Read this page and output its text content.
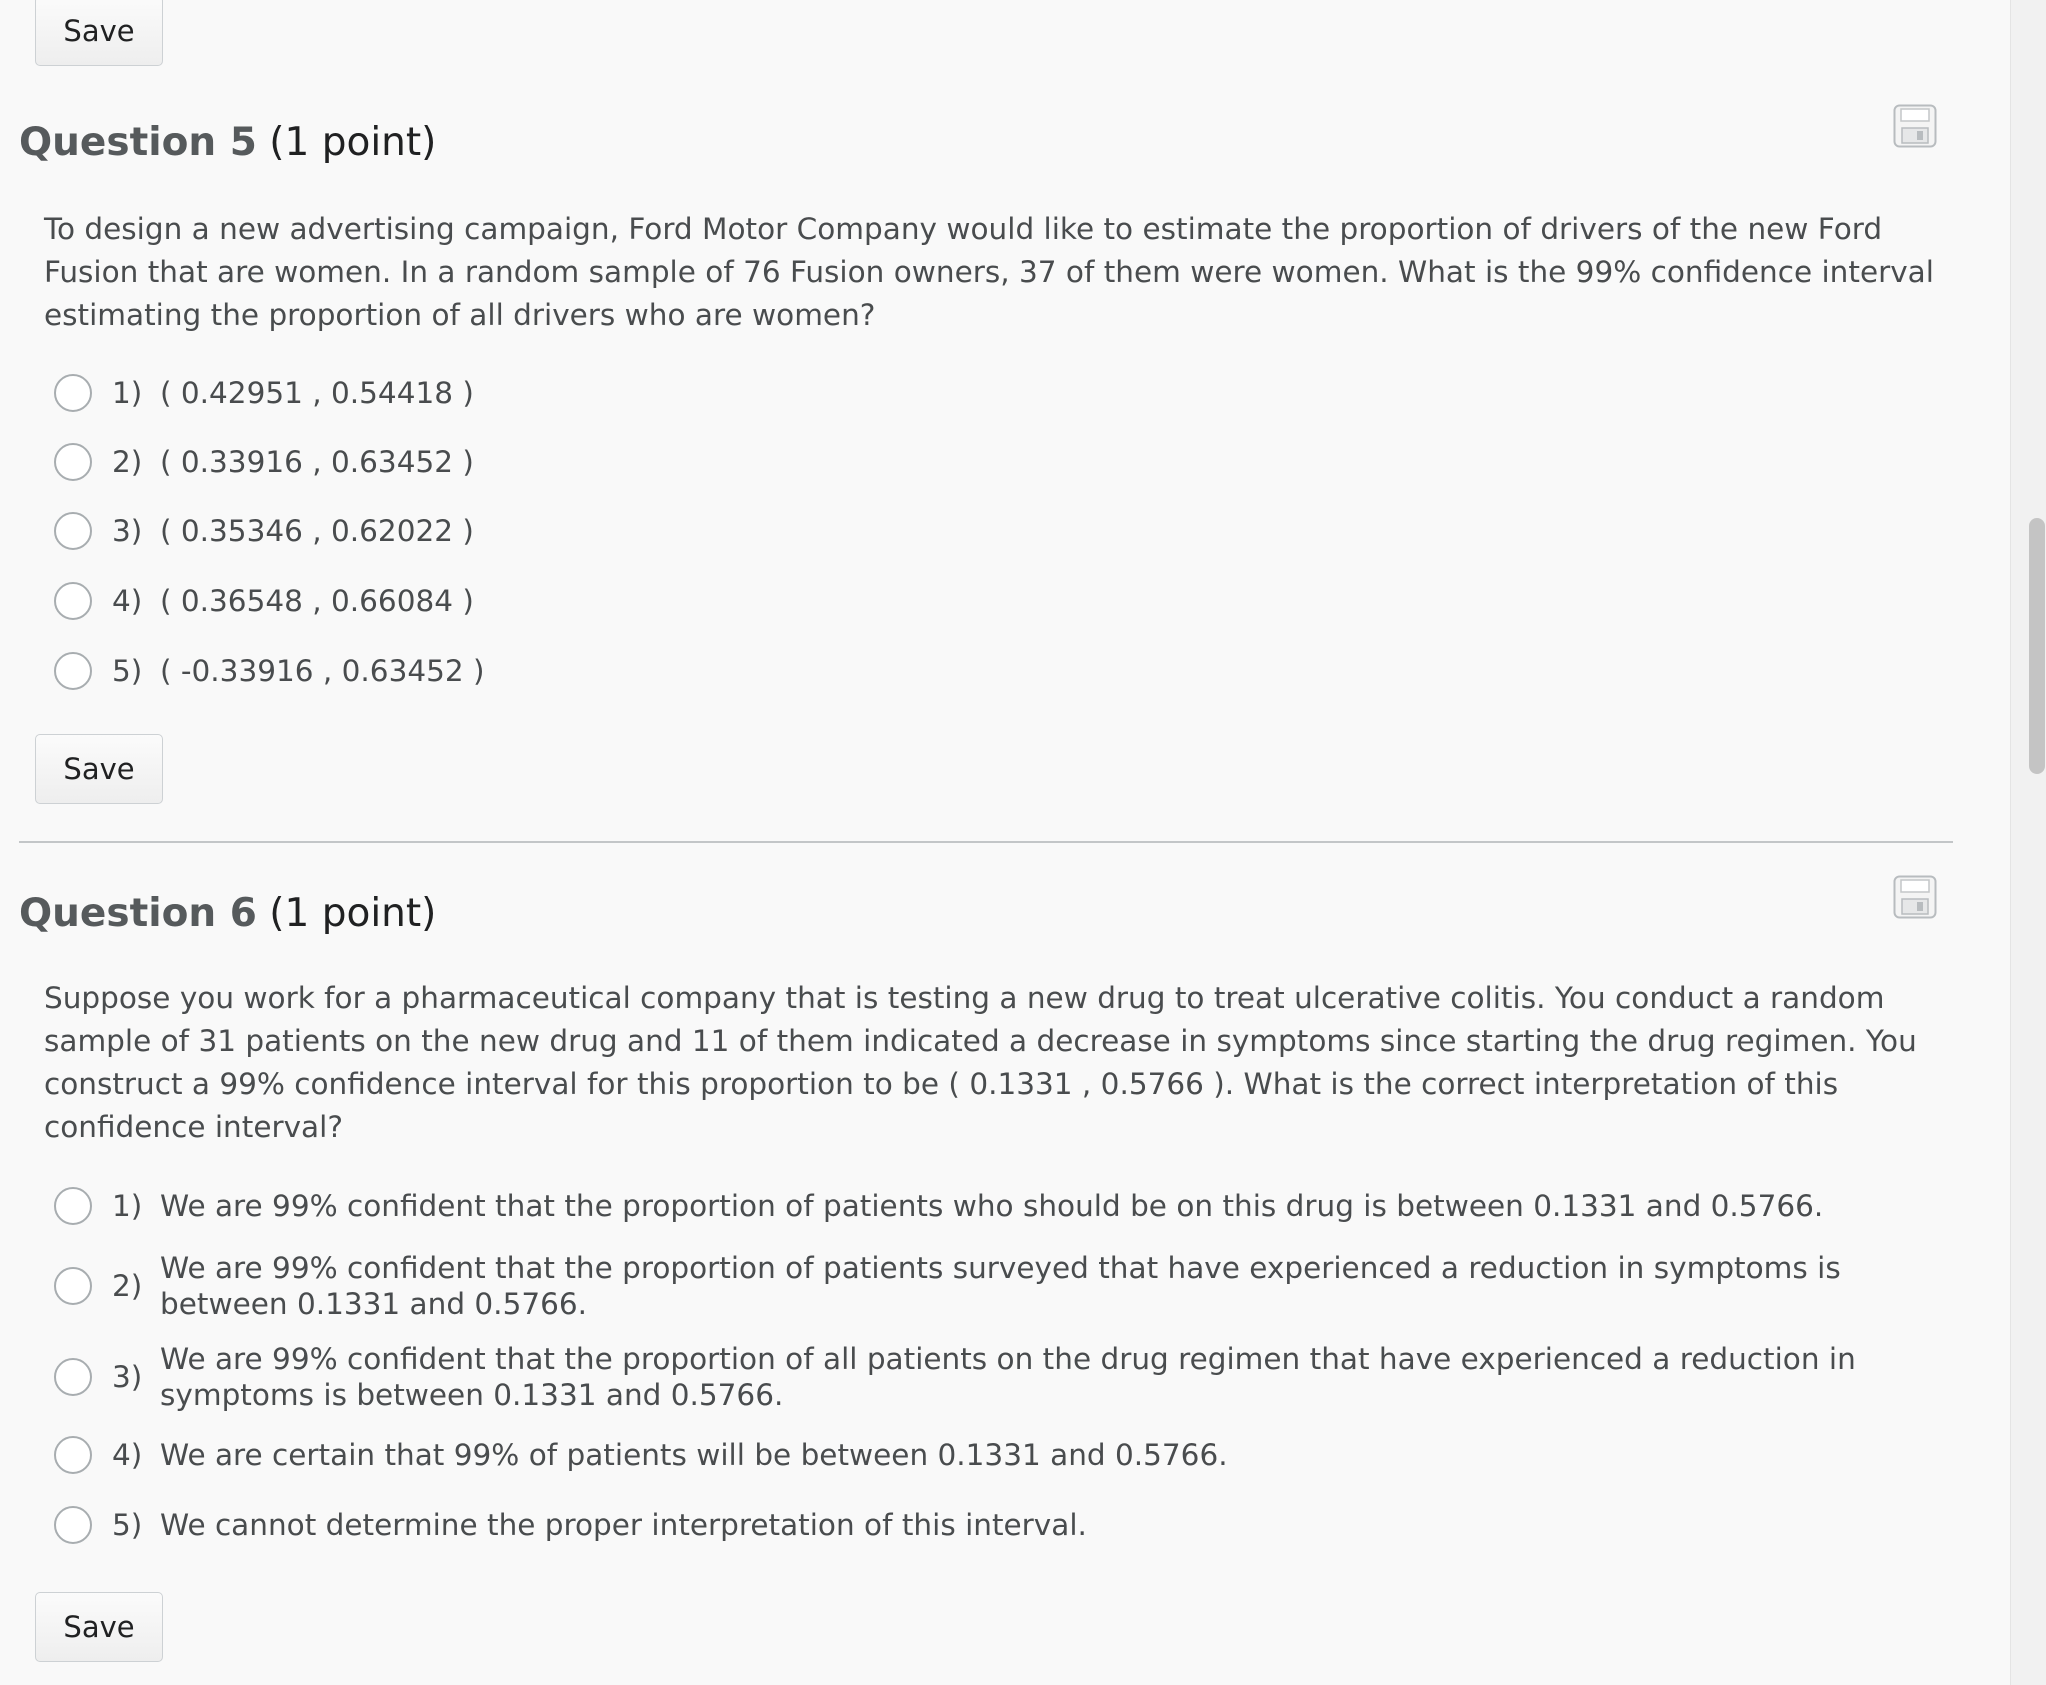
Save
Question 5 (1 point)

To design a new advertising campaign, Ford Motor Company would like to estimate the proportion of drivers of the new Ford Fusion that are women. In a random sample of 76 Fusion owners, 37 of them were women. What is the 99% confidence interval estimating the proportion of all drivers who are women?

1) ( 0.42951 , 0.54418 )
2) ( 0.33916 , 0.63452 )
3) ( 0.35346 , 0.62022 )
4) ( 0.36548 , 0.66084 )
5) ( -0.33916 , 0.63452 )
Save
Question 6 (1 point)

Suppose you work for a pharmaceutical company that is testing a new drug to treat ulcerative colitis. You conduct a random sample of 31 patients on the new drug and 11 of them indicated a decrease in symptoms since starting the drug regimen. You construct a 99% confidence interval for this proportion to be ( 0.1331 , 0.5766 ). What is the correct interpretation of this confidence interval?

1) We are 99% confident that the proportion of patients who should be on this drug is between 0.1331 and 0.5766.
2)
We are 99% confident that the proportion of patients surveyed that have experienced a reduction in symptoms is between 0.1331 and 0.5766.
3)
We are 99% confident that the proportion of all patients on the drug regimen that have experienced a reduction in symptoms is between 0.1331 and 0.5766.
4) We are certain that 99% of patients will be between 0.1331 and 0.5766.
5) We cannot determine the proper interpretation of this interval.
Save
